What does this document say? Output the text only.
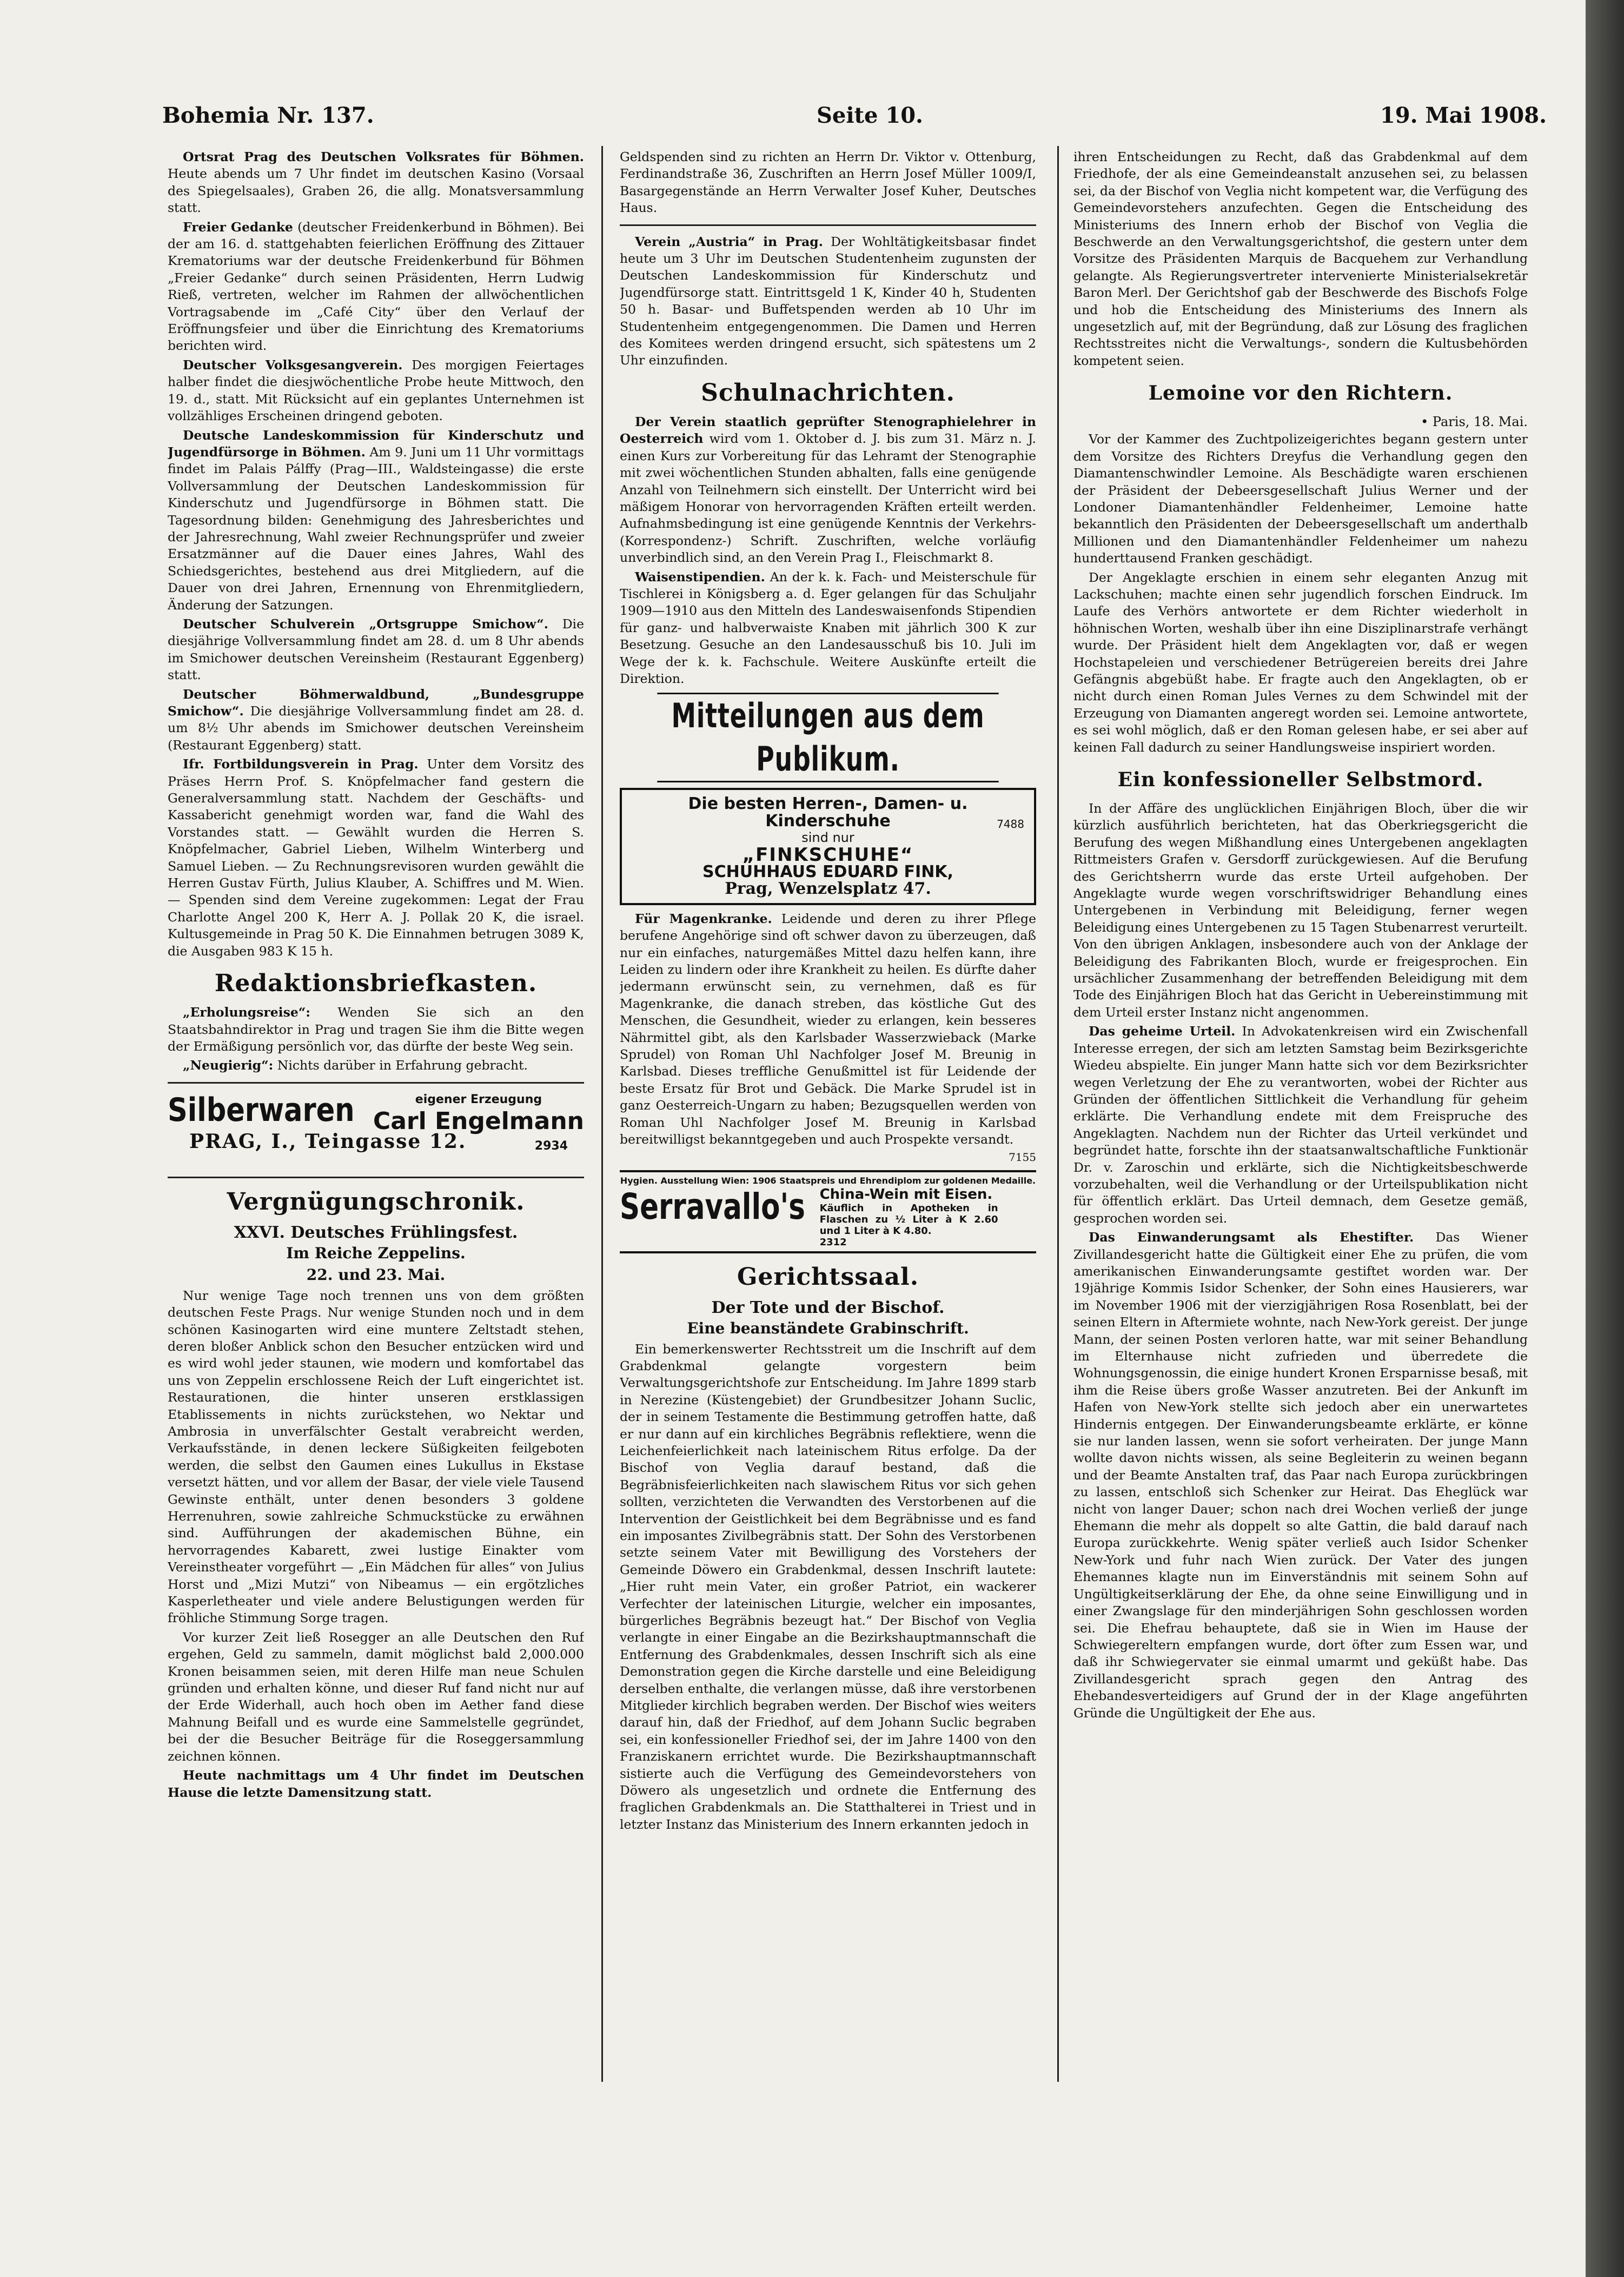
Bohemia Nr. 137.	Seite 10.	19. Mai 1908.

Ortsrat Prag des Deutschen Volksrates für Böhmen. Heute abends um 7 Uhr findet im deutschen Kasino (Vorsaal des Spiegelsaales), Graben 26, die allg. Monatsversammlung statt.

Freier Gedanke (deutscher Freidenkerbund in Böhmen). Bei der am 16. d. stattgehabten feierlichen Eröffnung des Zittauer Krematoriums war der deutsche Freidenkerbund für Böhmen „Freier Gedanke“ durch seinen Präsidenten, Herrn Ludwig Rieß, vertreten, welcher im Rahmen der allwöchentlichen Vortragsabende im „Café City“ über den Verlauf der Eröffnungsfeier und über die Einrichtung des Krematoriums berichten wird.

Deutscher Volksgesangverein. Des morgigen Feiertages halber findet die diesjwöchentliche Probe heute Mittwoch, den 19. d., statt. Mit Rücksicht auf ein geplantes Unternehmen ist vollzähliges Erscheinen dringend geboten.

Deutsche Landeskommission für Kinderschutz und Jugendfürsorge in Böhmen. Am 9. Juni um 11 Uhr vormittags findet im Palais Pálffy (Prag—III., Waldsteingasse) die erste Vollversammlung der Deutschen Landeskommission für Kinderschutz und Jugendfürsorge in Böhmen statt. Die Tagesordnung bilden: Genehmigung des Jahresberichtes und der Jahresrechnung, Wahl zweier Rechnungsprüfer und zweier Ersatzmänner auf die Dauer eines Jahres, Wahl des Schiedsgerichtes, bestehend aus drei Mitgliedern, auf die Dauer von drei Jahren, Ernennung von Ehrenmitgliedern, Änderung der Satzungen.

Deutscher Schulverein „Ortsgruppe Smichow“. Die diesjährige Vollversammlung findet am 28. d. um 8 Uhr abends im Smichower deutschen Vereinsheim (Restaurant Eggenberg) statt.

Deutscher Böhmerwaldbund, „Bundesgruppe Smichow“. Die diesjährige Vollversammlung findet am 28. d. um 8½ Uhr abends im Smichower deutschen Vereinsheim (Restaurant Eggenberg) statt.

Ifr. Fortbildungsverein in Prag. Unter dem Vorsitz des Präses Herrn Prof. S. Knöpfelmacher fand gestern die Generalversammlung statt. Nachdem der Geschäfts- und Kassabericht genehmigt worden war, fand die Wahl des Vorstandes statt. — Gewählt wurden die Herren S. Knöpfelmacher, Gabriel Lieben, Wilhelm Winterberg und Samuel Lieben. — Zu Rechnungsrevisoren wurden gewählt die Herren Gustav Fürth, Julius Klauber, A. Schiffres und M. Wien. — Spenden sind dem Vereine zugekommen: Legat der Frau Charlotte Angel 200 K, Herr A. J. Pollak 20 K, die israel. Kultusgemeinde in Prag 50 K. Die Einnahmen betrugen 3089 K, die Ausgaben 983 K 15 h.

Redaktionsbriefkasten.

„Erholungsreise“: Wenden Sie sich an den Staatsbahndirektor in Prag und tragen Sie ihm die Bitte wegen der Ermäßigung persönlich vor, das dürfte der beste Weg sein.

„Neugierig“: Nichts darüber in Erfahrung gebracht.

Silberwaren	eigener Erzeugung
Carl Engelmann
PRAG, I., Teingasse 12.	2934
Vergnügungschronik.
XXVI. Deutsches Frühlingsfest.
Im Reiche Zeppelins.
22. und 23. Mai.

Nur wenige Tage noch trennen uns von dem größten deutschen Feste Prags. Nur wenige Stunden noch und in dem schönen Kasinogarten wird eine muntere Zeltstadt stehen, deren bloßer Anblick schon den Besucher entzücken wird und es wird wohl jeder staunen, wie modern und komfortabel das uns von Zeppelin erschlossene Reich der Luft eingerichtet ist. Restaurationen, die hinter unseren erstklassigen Etablissements in nichts zurückstehen, wo Nektar und Ambrosia in unverfälschter Gestalt verabreicht werden, Verkaufsstände, in denen leckere Süßigkeiten feilgeboten werden, die selbst den Gaumen eines Lukullus in Ekstase versetzt hätten, und vor allem der Basar, der viele viele Tausend Gewinste enthält, unter denen besonders 3 goldene Herrenuhren, sowie zahlreiche Schmuckstücke zu erwähnen sind. Aufführungen der akademischen Bühne, ein hervorragendes Kabarett, zwei lustige Einakter vom Vereinstheater vorgeführt — „Ein Mädchen für alles“ von Julius Horst und „Mizi Mutzi“ von Nibeamus — ein ergötzliches Kasperletheater und viele andere Belustigungen werden für fröhliche Stimmung Sorge tragen.

Vor kurzer Zeit ließ Rosegger an alle Deutschen den Ruf ergehen, Geld zu sammeln, damit möglichst bald 2,000.000 Kronen beisammen seien, mit deren Hilfe man neue Schulen gründen und erhalten könne, und dieser Ruf fand nicht nur auf der Erde Widerhall, auch hoch oben im Aether fand diese Mahnung Beifall und es wurde eine Sammelstelle gegründet, bei der die Besucher Beiträge für die Roseggersammlung zeichnen können.

Heute nachmittags um 4 Uhr findet im Deutschen Hause die letzte Damensitzung statt.

Geldspenden sind zu richten an Herrn Dr. Viktor v. Ottenburg, Ferdinandstraße 36, Zuschriften an Herrn Josef Müller 1009/I, Basargegenstände an Herrn Verwalter Josef Kuher, Deutsches Haus.

Verein „Austria“ in Prag. Der Wohltätigkeitsbasar findet heute um 3 Uhr im Deutschen Studentenheim zugunsten der Deutschen Landeskommission für Kinderschutz und Jugendfürsorge statt. Eintrittsgeld 1 K, Kinder 40 h, Studenten 50 h. Basar- und Buffetspenden werden ab 10 Uhr im Studentenheim entgegengenommen. Die Damen und Herren des Komitees werden dringend ersucht, sich spätestens um 2 Uhr einzufinden.

Schulnachrichten.

Der Verein staatlich geprüfter Stenographielehrer in Oesterreich wird vom 1. Oktober d. J. bis zum 31. März n. J. einen Kurs zur Vorbereitung für das Lehramt der Stenographie mit zwei wöchentlichen Stunden abhalten, falls eine genügende Anzahl von Teilnehmern sich einstellt. Der Unterricht wird bei mäßigem Honorar von hervorragenden Kräften erteilt werden. Aufnahmsbedingung ist eine genügende Kenntnis der Verkehrs- (Korrespondenz-) Schrift. Zuschriften, welche vorläufig unverbindlich sind, an den Verein Prag I., Fleischmarkt 8.

Waisenstipendien. An der k. k. Fach- und Meisterschule für Tischlerei in Königsberg a. d. Eger gelangen für das Schuljahr 1909—1910 aus den Mitteln des Landeswaisenfonds Stipendien für ganz- und halbverwaiste Knaben mit jährlich 300 K zur Besetzung. Gesuche an den Landesausschuß bis 10. Juli im Wege der k. k. Fachschule. Weitere Auskünfte erteilt die Direktion.

Mitteilungen aus dem Publikum.
Die besten Herren-, Damen- u. Kinderschuhe
sind nur
7488
„FINKSCHUHE“
SCHUHHAUS EDUARD FINK,
Prag, Wenzelsplatz 47.

Für Magenkranke. Leidende und deren zu ihrer Pflege berufene Angehörige sind oft schwer davon zu überzeugen, daß nur ein einfaches, naturgemäßes Mittel dazu helfen kann, ihre Leiden zu lindern oder ihre Krankheit zu heilen. Es dürfte daher jedermann erwünscht sein, zu vernehmen, daß es für Magenkranke, die danach streben, das köstliche Gut des Menschen, die Gesundheit, wieder zu erlangen, kein besseres Nährmittel gibt, als den Karlsbader Wasserzwieback (Marke Sprudel) von Roman Uhl Nachfolger Josef M. Breunig in Karlsbad. Dieses treffliche Genußmittel ist für Leidende der beste Ersatz für Brot und Gebäck. Die Marke Sprudel ist in ganz Oesterreich-Ungarn zu haben; Bezugsquellen werden von Roman Uhl Nachfolger Josef M. Breunig in Karlsbad bereitwilligst bekanntgegeben und auch Prospekte versandt.

7155
Hygien. Ausstellung Wien: 1906 Staatspreis und Ehrendiplom zur goldenen Medaille.
Serravallo's China-Wein mit Eisen.
Käuflich in Apotheken in Flaschen zu ½ Liter à K 2.60 und 1 Liter à K 4.80.
2312
Gerichtssaal.
Der Tote und der Bischof.
Eine beanständete Grabinschrift.

Ein bemerkenswerter Rechtsstreit um die Inschrift auf dem Grabdenkmal gelangte vorgestern beim Verwaltungsgerichtshofe zur Entscheidung. Im Jahre 1899 starb in Nerezine (Küstengebiet) der Grundbesitzer Johann Suclic, der in seinem Testamente die Bestimmung getroffen hatte, daß er nur dann auf ein kirchliches Begräbnis reflektiere, wenn die Leichenfeierlichkeit nach lateinischem Ritus erfolge. Da der Bischof von Veglia darauf bestand, daß die Begräbnisfeierlichkeiten nach slawischem Ritus vor sich gehen sollten, verzichteten die Verwandten des Verstorbenen auf die Intervention der Geistlichkeit bei dem Begräbnisse und es fand ein imposantes Zivilbegräbnis statt. Der Sohn des Verstorbenen setzte seinem Vater mit Bewilligung des Vorstehers der Gemeinde Döwero ein Grabdenkmal, dessen Inschrift lautete: „Hier ruht mein Vater, ein großer Patriot, ein wackerer Verfechter der lateinischen Liturgie, welcher ein imposantes, bürgerliches Begräbnis bezeugt hat.“ Der Bischof von Veglia verlangte in einer Eingabe an die Bezirkshauptmannschaft die Entfernung des Grabdenkmales, dessen Inschrift sich als eine Demonstration gegen die Kirche darstelle und eine Beleidigung derselben enthalte, die verlangen müsse, daß ihre verstorbenen Mitglieder kirchlich begraben werden. Der Bischof wies weiters darauf hin, daß der Friedhof, auf dem Johann Suclic begraben sei, ein konfessioneller Friedhof sei, der im Jahre 1400 von den Franziskanern errichtet wurde. Die Bezirkshauptmannschaft sistierte auch die Verfügung des Gemeindevorstehers von Döwero als ungesetzlich und ordnete die Entfernung des fraglichen Grabdenkmals an. Die Statthalterei in Triest und in letzter Instanz das Ministerium des Innern erkannten jedoch in

ihren Entscheidungen zu Recht, daß das Grabdenkmal auf dem Friedhofe, der als eine Gemeindeanstalt anzusehen sei, zu belassen sei, da der Bischof von Veglia nicht kompetent war, die Verfügung des Gemeindevorstehers anzufechten. Gegen die Entscheidung des Ministeriums des Innern erhob der Bischof von Veglia die Beschwerde an den Verwaltungsgerichtshof, die gestern unter dem Vorsitze des Präsidenten Marquis de Bacquehem zur Verhandlung gelangte. Als Regierungsvertreter intervenierte Ministerialsekretär Baron Merl. Der Gerichtshof gab der Beschwerde des Bischofs Folge und hob die Entscheidung des Ministeriums des Innern als ungesetzlich auf, mit der Begründung, daß zur Lösung des fraglichen Rechtsstreites nicht die Verwaltungs-, sondern die Kultusbehörden kompetent seien.

Lemoine vor den Richtern.
• Paris, 18. Mai.

Vor der Kammer des Zuchtpolizeigerichtes begann gestern unter dem Vorsitze des Richters Dreyfus die Verhandlung gegen den Diamantenschwindler Lemoine. Als Beschädigte waren erschienen der Präsident der Debeersgesellschaft Julius Werner und der Londoner Diamantenhändler Feldenheimer, Lemoine hatte bekanntlich den Präsidenten der Debeersgesellschaft um anderthalb Millionen und den Diamantenhändler Feldenheimer um nahezu hunderttausend Franken geschädigt.

Der Angeklagte erschien in einem sehr eleganten Anzug mit Lackschuhen; machte einen sehr jugendlich forschen Eindruck. Im Laufe des Verhörs antwortete er dem Richter wiederholt in höhnischen Worten, weshalb über ihn eine Disziplinarstrafe verhängt wurde. Der Präsident hielt dem Angeklagten vor, daß er wegen Hochstapeleien und verschiedener Betrügereien bereits drei Jahre Gefängnis abgebüßt habe. Er fragte auch den Angeklagten, ob er nicht durch einen Roman Jules Vernes zu dem Schwindel mit der Erzeugung von Diamanten angeregt worden sei. Lemoine antwortete, es sei wohl möglich, daß er den Roman gelesen habe, er sei aber auf keinen Fall dadurch zu seiner Handlungsweise inspiriert worden.

Ein konfessioneller Selbstmord.

In der Affäre des unglücklichen Einjährigen Bloch, über die wir kürzlich ausführlich berichteten, hat das Oberkriegsgericht die Berufung des wegen Mißhandlung eines Untergebenen angeklagten Rittmeisters Grafen v. Gersdorff zurückgewiesen. Auf die Berufung des Gerichtsherrn wurde das erste Urteil aufgehoben. Der Angeklagte wurde wegen vorschriftswidriger Behandlung eines Untergebenen in Verbindung mit Beleidigung, ferner wegen Beleidigung eines Untergebenen zu 15 Tagen Stubenarrest verurteilt. Von den übrigen Anklagen, insbesondere auch von der Anklage der Beleidigung des Fabrikanten Bloch, wurde er freigesprochen. Ein ursächlicher Zusammenhang der betreffenden Beleidigung mit dem Tode des Einjährigen Bloch hat das Gericht in Uebereinstimmung mit dem Urteil erster Instanz nicht angenommen.

Das geheime Urteil. In Advokatenkreisen wird ein Zwischenfall Interesse erregen, der sich am letzten Samstag beim Bezirksgerichte Wiedeu abspielte. Ein junger Mann hatte sich vor dem Bezirksrichter wegen Verletzung der Ehe zu verantworten, wobei der Richter aus Gründen der öffentlichen Sittlichkeit die Verhandlung für geheim erklärte. Die Verhandlung endete mit dem Freispruche des Angeklagten. Nachdem nun der Richter das Urteil verkündet und begründet hatte, forschte ihn der staatsanwaltschaftliche Funktionär Dr. v. Zaroschin und erklärte, sich die Nichtigkeitsbeschwerde vorzubehalten, weil die Verhandlung or der Urteilspublikation nicht für öffentlich erklärt. Das Urteil demnach, dem Gesetze gemäß, gesprochen worden sei.

Das Einwanderungsamt als Ehestifter. Das Wiener Zivillandesgericht hatte die Gültigkeit einer Ehe zu prüfen, die vom amerikanischen Einwanderungsamte gestiftet worden war. Der 19jährige Kommis Isidor Schenker, der Sohn eines Hausierers, war im November 1906 mit der vierzigjährigen Rosa Rosenblatt, bei der seinen Eltern in Aftermiete wohnte, nach New-York gereist. Der junge Mann, der seinen Posten verloren hatte, war mit seiner Behandlung im Elternhause nicht zufrieden und überredete die Wohnungsgenossin, die einige hundert Kronen Ersparnisse besaß, mit ihm die Reise übers große Wasser anzutreten. Bei der Ankunft im Hafen von New-York stellte sich jedoch aber ein unerwartetes Hindernis entgegen. Der Einwanderungsbeamte erklärte, er könne sie nur landen lassen, wenn sie sofort verheiraten. Der junge Mann wollte davon nichts wissen, als seine Begleiterin zu weinen begann und der Beamte Anstalten traf, das Paar nach Europa zurückbringen zu lassen, entschloß sich Schenker zur Heirat. Das Eheglück war nicht von langer Dauer; schon nach drei Wochen verließ der junge Ehemann die mehr als doppelt so alte Gattin, die bald darauf nach Europa zurückkehrte. Wenig später verließ auch Isidor Schenker New-York und fuhr nach Wien zurück. Der Vater des jungen Ehemannes klagte nun im Einverständnis mit seinem Sohn auf Ungültigkeitserklärung der Ehe, da ohne seine Einwilligung und in einer Zwangslage für den minderjährigen Sohn geschlossen worden sei. Die Ehefrau behauptete, daß sie in Wien im Hause der Schwiegereltern empfangen wurde, dort öfter zum Essen war, und daß ihr Schwiegervater sie einmal umarmt und geküßt habe. Das Zivillandesgericht sprach gegen den Antrag des Ehebandesverteidigers auf Grund der in der Klage angeführten Gründe die Ungültigkeit der Ehe aus.
